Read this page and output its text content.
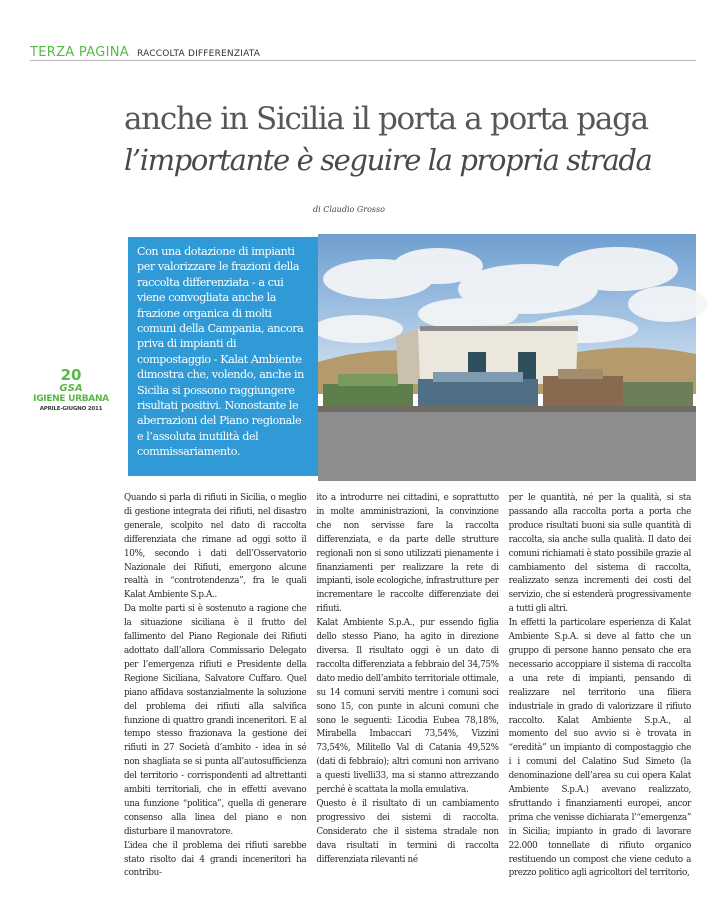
TERZA PAGINA RACCOLTA DIFFERENZIATA
anche in Sicilia il porta a porta paga
l’importante è seguire la propria strada
di Claudio Grosso
Con una dotazione di impianti per valorizzare le frazioni della raccolta differenziata - a cui viene convogliata anche la frazione organica di molti comuni della Campania, ancora priva di impianti di compostaggio - Kalat Ambiente dimostra che, volendo, anche in Sicilia si possono raggiungere risultati positivi. Nonostante le aberrazioni del Piano regionale e l’assoluta inutilità del commissariamento.
20
GSA
IGIENE URBANA
APRILE-GIUGNO 2011

Quando si parla di rifiuti in Sicilia, o meglio di gestione integrata dei rifiuti, nel disastro generale, scolpito nel dato di raccolta differenziata che rimane ad oggi sotto il 10%, secondo i dati dell’Osservatorio Nazionale dei Rifiuti, emergono alcune realtà in “controtendenza”, fra le quali Kalat Ambiente S.p.A..

Da molte parti si è sostenuto a ragione che la situazione siciliana è il frutto del fallimento del Piano Regionale dei Rifiuti adottato dall’allora Commissario Delegato per l’emergenza rifiuti e Presidente della Regione Siciliana, Salvatore Cuffaro. Quel piano affidava sostanzialmente la soluzione del problema dei rifiuti alla salvifica funzione di quattro grandi inceneritori. E al tempo stesso frazionava la gestione dei rifiuti in 27 Società d’ambito - idea in sé non shagliata se si punta all’autosufficienza del territorio - corrispondenti ad altrettanti ambiti territoriali, che in effetti avevano una funzione “politica”, quella di generare consenso alla linea del piano e non disturbare il manovratore.

L’idea che il problema dei rifiuti sarebbe stato risolto dai 4 grandi inceneritori ha contribu-

ito a introdurre nei cittadini, e soprattutto in molte amministrazioni, la convinzione che non servisse fare la raccolta differenziata, e da parte delle strutture regionali non si sono utilizzati pienamente i finanziamenti per realizzare la rete di impianti, isole ecologiche, infrastrutture per incrementare le raccolte differenziate dei rifiuti.

Kalat Ambiente S.p.A., pur essendo figlia dello stesso Piano, ha agito in direzione diversa. Il risultato oggi è un dato di raccolta differenziata a febbraio del 34,75% dato medio dell’ambito territoriale ottimale, su 14 comuni serviti mentre i comuni soci sono 15, con punte in alcuni comuni che sono le seguenti: Licodia Eubea 78,18%, Mirabella Imbaccari 73,54%, Vizzini 73,54%, Militello Val di Catania 49,52% (dati di febbraio); altri comuni non arrivano a questi livelli33, ma si stanno attrezzando perché è scattata la molla emulativa.

Questo è il risultato di un cambiamento progressivo dei sistemi di raccolta. Considerato che il sistema stradale non dava risultati in termini di raccolta differenziata rilevanti né

per le quantità, né per la qualità, si sta passando alla raccolta porta a porta che produce risultati buoni sia sulle quantità di raccolta, sia anche sulla qualità. Il dato dei comuni richiamati è stato possibile grazie al cambiamento del sistema di raccolta, realizzato senza incrementi dei costi del servizio, che si estenderà progressivamente a tutti gli altri.

In effetti la particolare esperienza di Kalat Ambiente S.p.A. si deve al fatto che un gruppo di persone hanno pensato che era necessario accoppiare il sistema di raccolta a una rete di impianti, pensando di realizzare nel territorio una filiera industriale in grado di valorizzare il rifiuto raccolto. Kalat Ambiente S.p.A., al momento del suo avvio si è trovata in “eredità” un impianto di compostaggio che i i comuni del Calatino Sud Simeto (la denominazione dell’area su cui opera Kalat Ambiente S.p.A.) avevano realizzato, sfruttando i finanziamenti europei, ancor prima che venisse dichiarata l’“emergenza” in Sicilia; impianto in grado di lavorare 22.000 tonnellate di rifiuto organico restituendo un compost che viene ceduto a prezzo politico agli agricoltori del territorio,
